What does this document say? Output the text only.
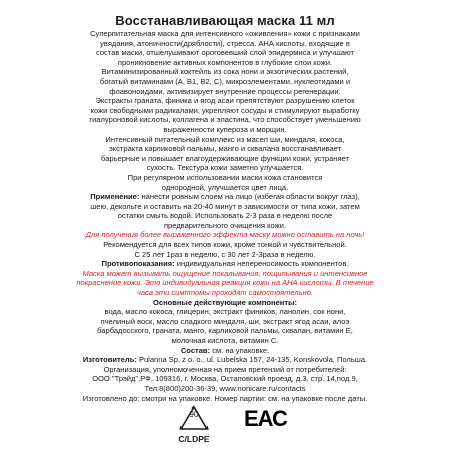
Восстанавливающая маска 11 мл

Суперпитательная маска для интенсивного «оживления» кожи с признаками

увядания, атоничности(дряблости), стресса. АНА кислоты, входящие в

состав маски, отшелушивают ороговевший слой эпидермиса и улучшают

проникновение активных компонентов в глубокие слои кожи.

Витаминизированный коктейль из сока нони и экзотических растений,

богатый витаминами (A, B1, B2, C), микроэлементами, нуклеотидами и

флавоноидами, активизирует внутренние процессы регенерации.

Экстракты граната, финика и ягод асаи препятствуют разрушению клеток

кожи свободными радикалами, укрепляют сосуды и стимулируют выработку

гиалуроновой кислоты, коллагена и эластина, что способствует уменьшению

выраженности купероза и морщин.

Интенсивный питательный комплекс из масел ши, миндаля, кокоса,

экстракта карликовой пальмы, манго и сквалана восстанавливает

барьерные и повышает влагоудерживающие функции кожи, устраняет

сухость. Текстура кожи заметно улучшается.

При регулярном использовании маски кожа становится

однородной, улучшается цвет лица.

Применение: нанести ровным слоем на лицо (избегая области вокруг глаз),

шею, декольте и оставить на 20-40 минут в зависимости от типа кожи, затем

остатки смыть водой. Использовать 2-3 раза в неделю после

предварительного очищения кожи.

Для получения более выраженного эффекта маску можно оставить на ночь!

Рекомендуется для всех типов кожи, кроме тонкой и чувствительной.

С 25 лет 1раз в неделю, с 30 лет 2-3раза в неделю.

Противопоказания: индивидуальная непереносимость компонентов.

Маска может вызывать ощущение покалывания, пощипывания и интенсивное

покраснение кожи. Это индивидуальная реакция кожи на АНА кислоты. В течение

часа эти симптомы проходят самостоятельно.

Основные действующие компоненты:

вода, масло кокоса, глицерин, экстракт фиников, ланолин, сок нони,

пчелиный воск, масло сладкого миндаля, ши, экстракт ягод асаи, алоэ

барбадосского, граната, манго, карликовой пальмы, сквалан, витамин Е,

молочная кислота, витамин С.

Состав: см. на упаковке.

Изготовитель: Pulanna Sp. z o. o., ul. Lubelska 157, 24-135, Konskovola, Польша.

Организация, уполномоченная на прием претензий от потребителей:

ООО "Трэйд",РФ, 109316, г. Москва, Остаповский проезд, д.3, стр. 14,под.9,

Тел:8(800)200-36-39, www.nonicare.ru/contacts

Изготовлено до: смотри на упаковке. Номер партии: см. на упаковке после даты.

90
C/LDPE
ЕАС
